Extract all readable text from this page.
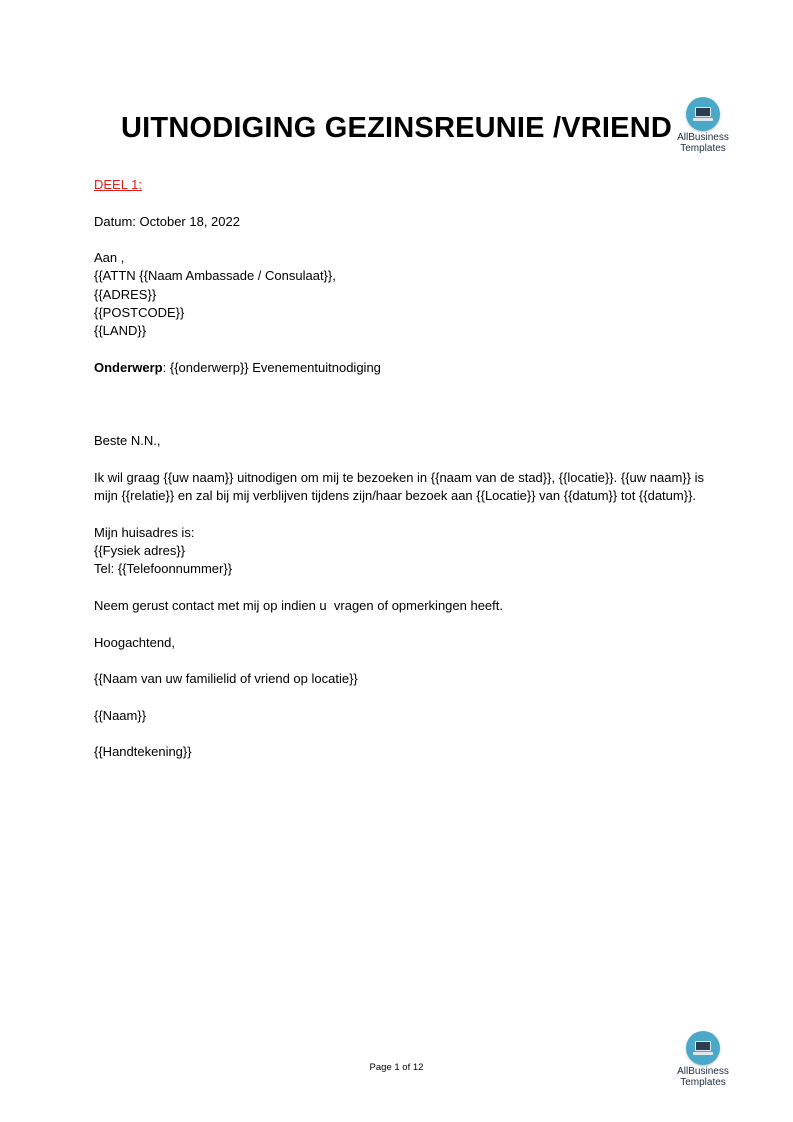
UITNODIGING GEZINSREUNIE /VRIEND AllBusiness
Templates

DEEL 1:

Datum: October 18, 2022

Aan ,

{{ATTN {{Naam Ambassade / Consulaat}},

{{ADRES}}

{{POSTCODE}}

{{LAND}}

Onderwerp: {{onderwerp}} Evenementuitnodiging

Beste N.N.,

Ik wil graag {{uw naam}} uitnodigen om mij te bezoeken in {{naam van de stad}}, {{locatie}}. {{uw naam}} is mijn {{relatie}} en zal bij mij verblijven tijdens zijn/haar bezoek aan {{Locatie}} van {{datum}} tot {{datum}}.

Mijn huisadres is:

{{Fysiek adres}}

Tel: {{Telefoonnummer}}

Neem gerust contact met mij op indien u  vragen of opmerkingen heeft.

Hoogachtend,

{{Naam van uw familielid of vriend op locatie}}

{{Naam}}

{{Handtekening}}

Page 1 of 12	AllBusiness
Templates
